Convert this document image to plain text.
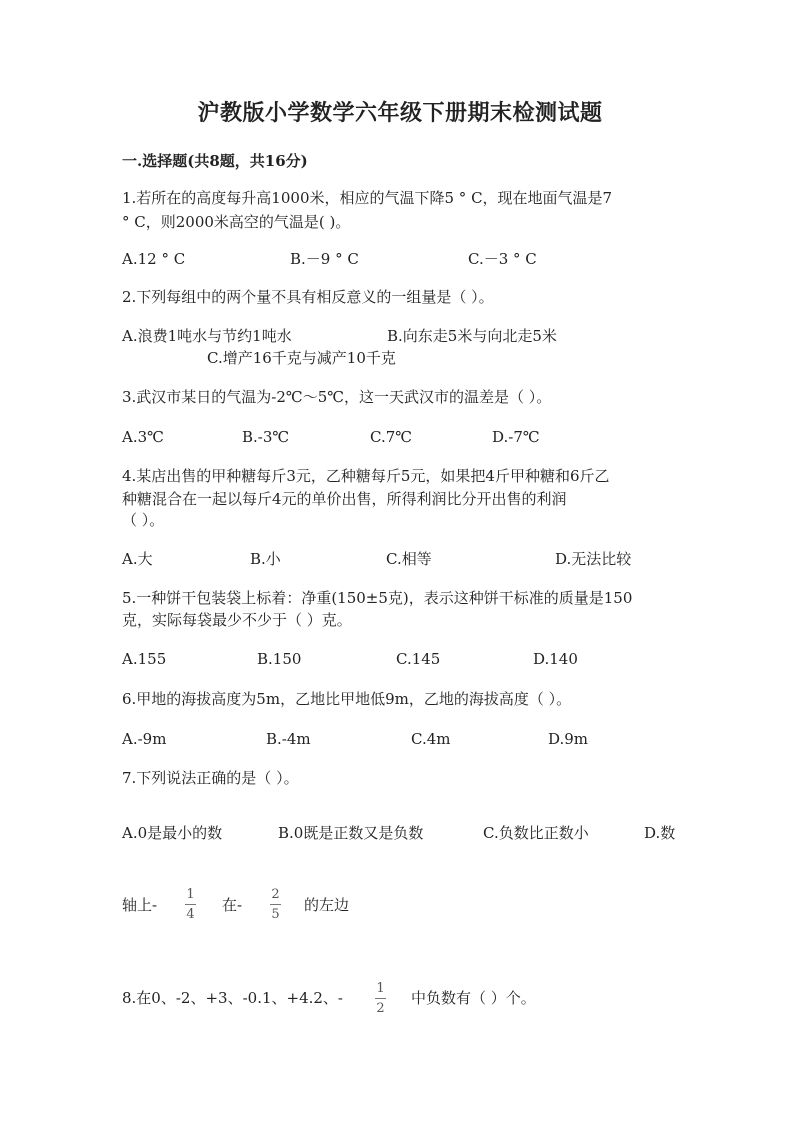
沪教版小学数学六年级下册期末检测试题
一.选择题(共8题，共16分)
1.若所在的高度每升高1000米，相应的气温下降5 ° C，现在地面气温是7
° C，则2000米高空的气温是( )。
A.12 ° C	B.－9 ° C	C.－3 ° C
2.下列每组中的两个量不具有相反意义的一组量是（ ）。
A.浪费1吨水与节约1吨水	B.向东走5米与向北走5米
C.增产16千克与减产10千克
3.武汉市某日的气温为-2℃～5℃，这一天武汉市的温差是（ ）。
A.3℃	B.-3℃	C.7℃	D.-7℃
4.某店出售的甲种糖每斤3元，乙种糖每斤5元，如果把4斤甲种糖和6斤乙
种糖混合在一起以每斤4元的单价出售，所得利润比分开出售的利润
（ ）。
A.大	B.小	C.相等	D.无法比较
5.一种饼干包装袋上标着：净重(150±5克)，表示这种饼干标准的质量是150
克，实际每袋最少不少于（ ）克。
A.155	B.150	C.145	D.140
6.甲地的海拔高度为5m，乙地比甲地低9m，乙地的海拔高度（ ）。
A.-9m	B.-4m	C.4m	D.9m
7.下列说法正确的是（ ）。
A.0是最小的数	B.0既是正数又是负数	C.负数比正数小	D.数
轴上-
1
4
在-
2
5
的左边
8.在0、-2、+3、-0.1、+4.2、-
1
2
中负数有（ ）个。
